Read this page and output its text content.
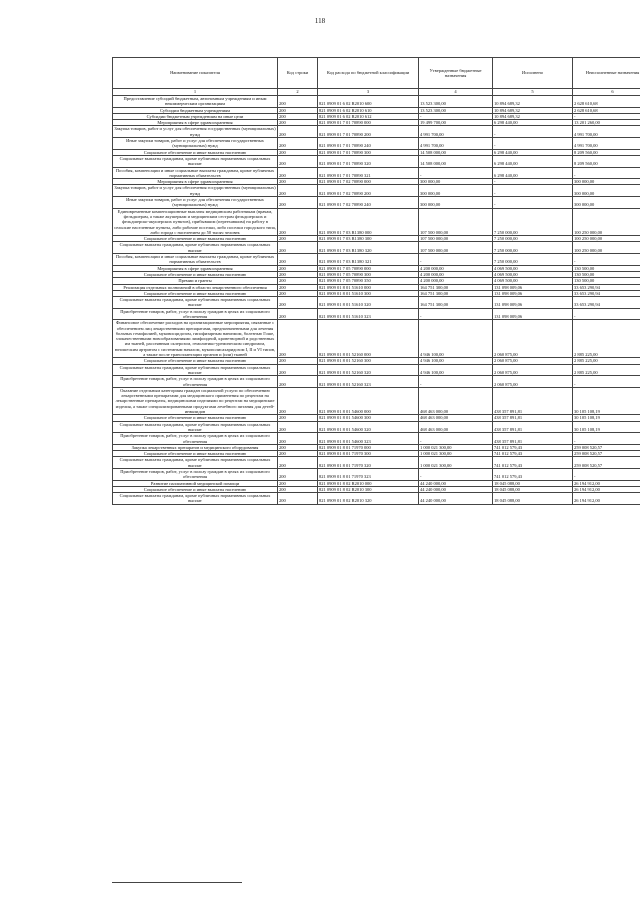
118
Наименование показателя	Код строки	Код расхода по бюджетной классификации	Утвержденные бюджетные назначения	Исполнено	Неисполненные назначения
1	2	3	4	5	6
Предоставление субсидий бюджетным, автономным учреждениям и иным некоммерческим организациям	200	821 0909 01 6 02 R2010 600	13 523 300,00	10 894 689,32	2 628 610,68
Субсидии бюджетным учреждениям	200	821 0909 01 6 02 R2010 610	13 523 300,00	10 894 689,32	2 628 610,68
Субсидии бюджетным учреждениям на иные цели	200	821 0909 01 6 02 R2010 612	-	10 894 689,32	-
Мероприятия в сфере здравоохранения	200	821 0909 01 7 01 70890 000	19 499 700,00	6 298 440,00	13 201 260,00
Закупка товаров, работ и услуг для обеспечения государственных (муниципальных) нужд	200	821 0909 01 7 01 70890 200	4 991 700,00	-	4 991 700,00
Иные закупки товаров, работ и услуг для обеспечения государственных (муниципальных) нужд	200	821 0909 01 7 01 70890 240	4 991 700,00	-	4 991 700,00
Социальное обеспечение и иные выплаты населению	200	821 0909 01 7 01 70890 300	14 508 000,00	6 298 440,00	8 209 560,00
Социальные выплаты гражданам, кроме публичных нормативных социальных выплат	200	821 0909 01 7 01 70890 320	14 508 000,00	6 298 440,00	8 209 560,00
Пособия, компенсации и иные социальные выплаты гражданам, кроме публичных нормативных обязательств	200	821 0909 01 7 01 70890 321	-	6 298 440,00	-
Мероприятия в сфере здравоохранения	200	821 0909 01 7 02 70890 000	300 000,00	-	300 000,00
Закупка товаров, работ и услуг для обеспечения государственных (муниципальных) нужд	200	821 0909 01 7 02 70890 200	300 000,00	-	300 000,00
Иные закупки товаров, работ и услуг для обеспечения государственных (муниципальных) нужд	200	821 0909 01 7 02 70890 240	300 000,00	-	300 000,00
Единовременные компенсационные выплаты медицинским работникам (врачам, фельдшерам, а также акушеркам и медицинским сестрам фельдшерских и фельдшерско-акушерских пунктов), прибывшим (переехавшим) на работу в сельские населенные пункты, либо рабочие поселки, либо поселки городского типа, либо города с населением до 50 тысяч человек	200	821 0909 01 7 03 R1380 000	107 500 000,00	7 250 000,00	100 250 000,00
Социальное обеспечение и иные выплаты населению	200	821 0909 01 7 03 R1380 300	107 500 000,00	7 250 000,00	100 250 000,00
Социальные выплаты гражданам, кроме публичных нормативных социальных выплат	200	821 0909 01 7 03 R1380 320	107 500 000,00	7 250 000,00	100 250 000,00
Пособия, компенсации и иные социальные выплаты гражданам, кроме публичных нормативных обязательств	200	821 0909 01 7 03 R1380 321	-	7 250 000,00	-
Мероприятия в сфере здравоохранения	200	821 0909 01 7 05 70890 000	4 200 000,00	4 069 500,00	130 500,00
Социальное обеспечение и иные выплаты населению	200	821 0909 01 7 05 70890 300	4 200 000,00	4 069 500,00	130 500,00
Премии и гранты	200	821 0909 01 7 05 70890 350	4 200 000,00	4 069 500,00	130 500,00
Реализация отдельных полномочий в области лекарственного обеспечения	200	821 0909 01 8 01 51610 000	164 751 300,00	131 098 009,06	33 653 290,94
Социальное обеспечение и иные выплаты населению	200	821 0909 01 8 01 51610 300	164 751 300,00	131 098 009,06	33 653 290,94
Социальные выплаты гражданам, кроме публичных нормативных социальных выплат	200	821 0909 01 8 01 51610 320	164 751 300,00	131 098 009,06	33 653 290,94
Приобретение товаров, работ, услуг в пользу граждан в целях их социального обеспечения	200	821 0909 01 8 01 51610 323	-	131 098 009,06	-
Финансовое обеспечение расходов на организационные мероприятия, связанные с обеспечением лиц лекарственными препаратами, предназначенными для лечения больных гемофилией, муковисцидозом, гипофизарным нанизмом, болезнью Гоше, злокачественными новообразованиями лимфоидной, кроветворной и родственных им тканей, рассеянным склерозом, гемолитико-уремическим синдромом, юношеским артритом с системным началом, мукополисахаридозом I, II и VI типов, а также после трансплантации органов и (или) тканей	200	821 0909 01 8 01 52160 000	4 946 100,00	2 060 875,00	2 885 225,00
Социальное обеспечение и иные выплаты населению	200	821 0909 01 8 01 52160 300	4 946 100,00	2 060 875,00	2 885 225,00
Социальные выплаты гражданам, кроме публичных нормативных социальных выплат	200	821 0909 01 8 01 52160 320	4 946 100,00	2 060 875,00	2 885 225,00
Приобретение товаров, работ, услуг в пользу граждан в целях их социального обеспечения	200	821 0909 01 8 01 52160 323	-	2 060 875,00	-
Оказание отдельным категориям граждан социальной услуги по обеспечению лекарственными препаратами для медицинского применения по рецептам на лекарственные препараты, медицинскими изделиями по рецептам на медицинские изделия, а также специализированными продуктами лечебного питания для детей-инвалидов	200	821 0909 01 8 01 54600 000	468 463 000,00	438 357 891,81	30 105 108,19
Социальное обеспечение и иные выплаты населению	200	821 0909 01 8 01 54600 300	468 463 000,00	438 357 891,81	30 105 108,19
Социальные выплаты гражданам, кроме публичных нормативных социальных выплат	200	821 0909 01 8 01 54600 320	468 463 000,00	438 357 891,81	30 105 108,19
Приобретение товаров, работ, услуг в пользу граждан в целях их социального обеспечения	200	821 0909 01 8 01 54600 323	-	438 357 891,81	-
Закупка лекарственных препаратов и медицинского оборудования	200	821 0909 01 8 01 71970 000	1 000 021 300,00	741 012 579,43	259 008 520,57
Социальное обеспечение и иные выплаты населению	200	821 0909 01 8 01 71970 300	1 000 021 300,00	741 012 579,43	259 008 520,57
Социальные выплаты гражданам, кроме публичных нормативных социальных выплат	200	821 0909 01 8 01 71970 320	1 000 021 300,00	741 012 579,43	259 008 520,57
Приобретение товаров, работ, услуг в пользу граждан в целях их социального обеспечения	200	821 0909 01 8 01 71970 323	-	741 012 579,43	-
Развитие паллиативной медицинской помощи	200	821 0909 01 8 02 R2010 000	44 240 000,00	18 045 088,00	26 194 912,00
Социальное обеспечение и иные выплаты населению	200	821 0909 01 8 02 R2010 300	44 240 000,00	18 045 088,00	26 194 912,00
Социальные выплаты гражданам, кроме публичных нормативных социальных выплат	200	821 0909 01 8 02 R2010 320	44 240 000,00	18 045 088,00	26 194 912,00
